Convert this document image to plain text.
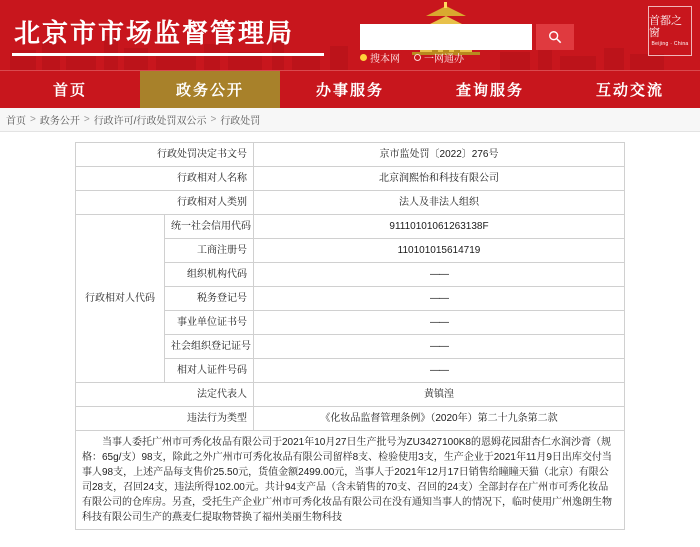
北京市市场监督管理局
搜本网 一网通办
首都之窗
Beijing · China
首页	政务公开	办事服务	查询服务	互动交流
首页 > 政务公开 > 行政许可/行政处罚双公示 > 行政处罚
行政处罚决定书文号		京市监处罚〔2022〕276号
行政相对人名称		北京润熙怡和科技有限公司
行政相对人类别		法人及非法人组织
行政相对人代码	统一社会信用代码	91110101061263138F
	工商注册号	110101015614719
	组织机构代码	——
	税务登记号	——
	事业单位证书号	——
	社会组织登记证号	——
	相对人证件号码	——
法定代表人		黄镇湟
违法行为类型		《化妆品监督管理条例》（2020年）第二十九条第二款
当事人委托广州市可秀化妆品有限公司于2021年10月27日生产批号为ZU3427100K8的恩姆花园甜杏仁水润沙膏（规格：65g/支）98支，除此之外广州市可秀化妆品有限公司留样8支、检验使用3支，生产企业于2021年11月9日出库交付当事人98支，上述产品每支售价25.50元，货值金额2499.00元，当事人于2021年12月17日销售给瞳瞳天猫（北京）有限公司28支，召回24支，违法所得102.00元。共计94支产品（含未销售的70支、召回的24支）全部封存在广州市可秀化妆品有限公司的仓库房。另查，受托生产企业广州市可秀化妆品有限公司在没有通知当事人的情况下，临时使用广州逸朗生物科技有限公司生产的燕麦仁提取物替换了福州美丽生物科技		
